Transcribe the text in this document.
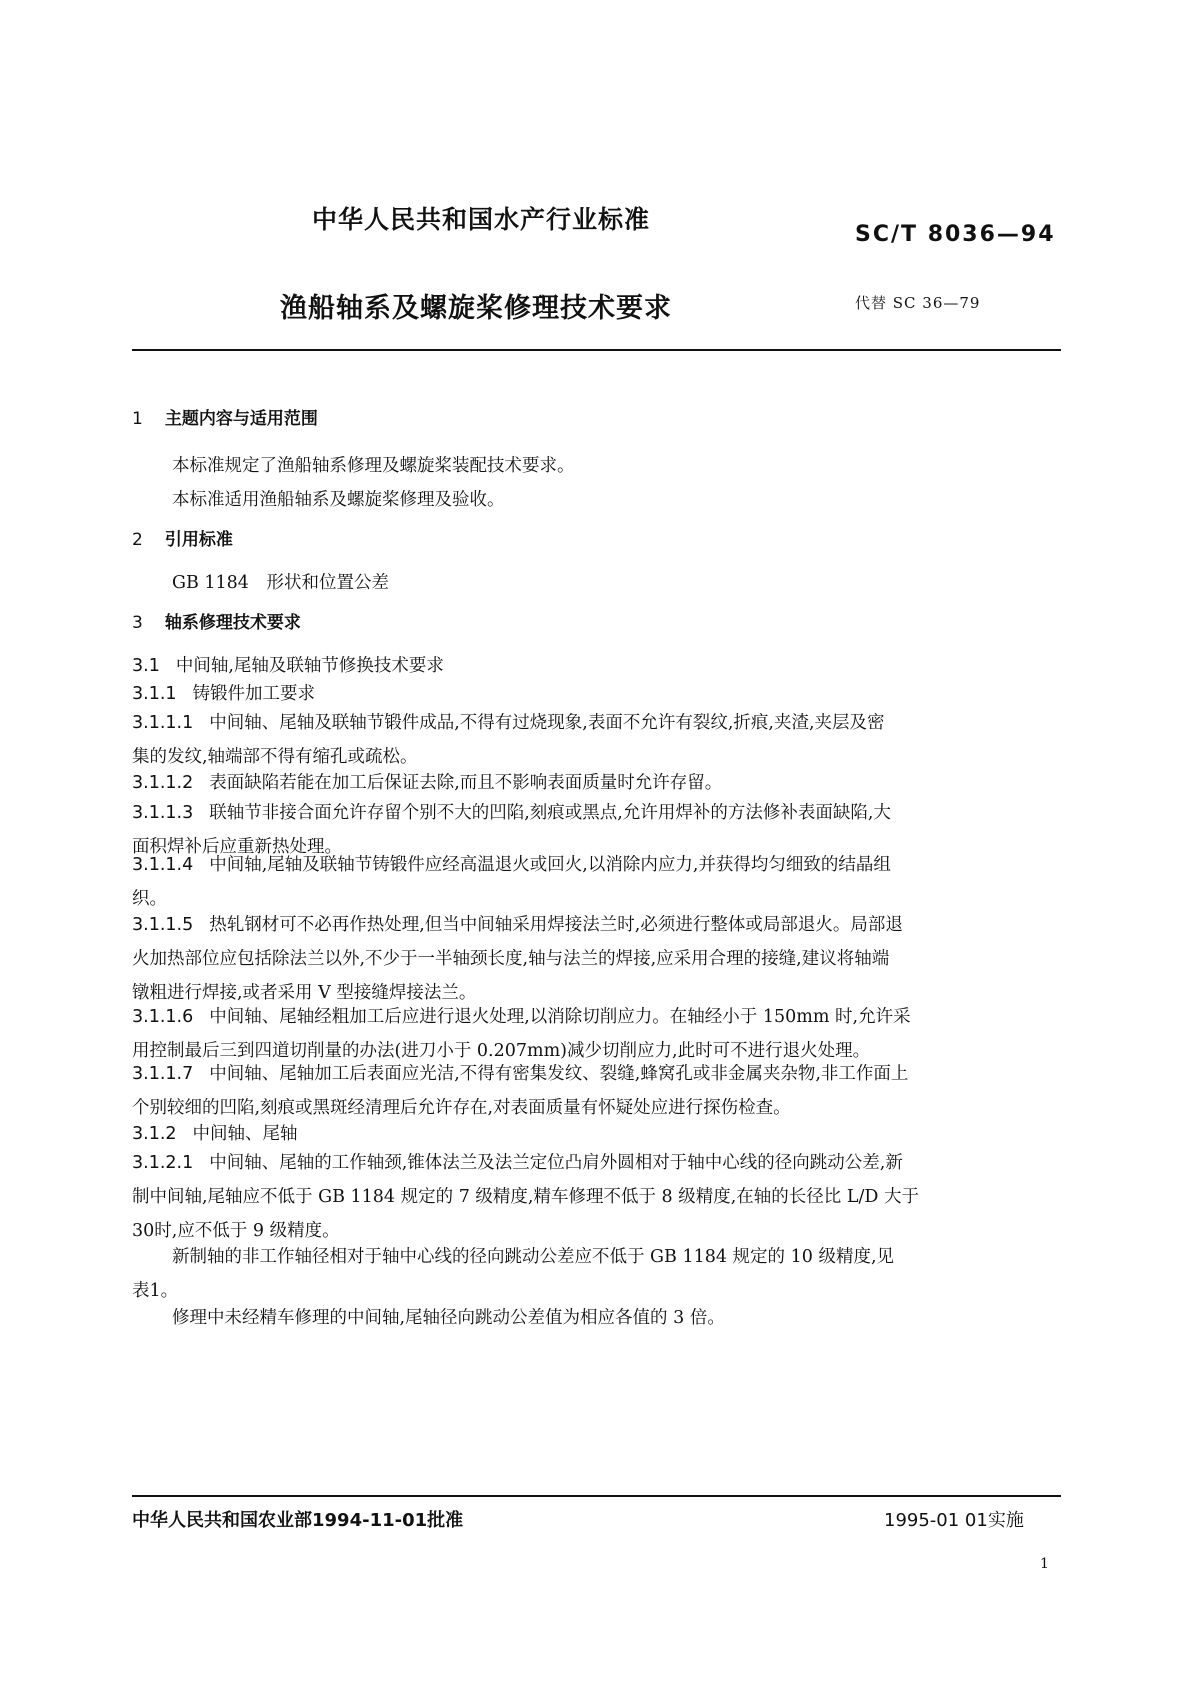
中华人民共和国水产行业标准
SC/T 8036—94
渔船轴系及螺旋桨修理技术要求	代替 SC 36—79
1 主题内容与适用范围
本标准规定了渔船轴系修理及螺旋桨装配技术要求。
本标准适用渔船轴系及螺旋桨修理及验收。
2 引用标准
GB 1184　形状和位置公差
3 轴系修理技术要求
3.1 中间轴,尾轴及联轴节修换技术要求
3.1.1 铸锻件加工要求
3.1.1.1 中间轴、尾轴及联轴节锻件成品,不得有过烧现象,表面不允许有裂纹,折痕,夹渣,夹层及密
集的发纹,轴端部不得有缩孔或疏松。
3.1.1.2 表面缺陷若能在加工后保证去除,而且不影响表面质量时允许存留。
3.1.1.3 联轴节非接合面允许存留个别不大的凹陷,刻痕或黑点,允许用焊补的方法修补表面缺陷,大
面积焊补后应重新热处理。
3.1.1.4 中间轴,尾轴及联轴节铸锻件应经高温退火或回火,以消除内应力,并获得均匀细致的结晶组
织。
3.1.1.5 热轧钢材可不必再作热处理,但当中间轴采用焊接法兰时,必须进行整体或局部退火。局部退
火加热部位应包括除法兰以外,不少于一半轴颈长度,轴与法兰的焊接,应采用合理的接缝,建议将轴端
镦粗进行焊接,或者采用 V 型接缝焊接法兰。
3.1.1.6 中间轴、尾轴经粗加工后应进行退火处理,以消除切削应力。在轴经小于 150mm 时,允许采
用控制最后三到四道切削量的办法(进刀小于 0.207mm)减少切削应力,此时可不进行退火处理。
3.1.1.7 中间轴、尾轴加工后表面应光洁,不得有密集发纹、裂缝,蜂窝孔或非金属夹杂物,非工作面上
个别较细的凹陷,刻痕或黑斑经清理后允许存在,对表面质量有怀疑处应进行探伤检查。
3.1.2 中间轴、尾轴
3.1.2.1 中间轴、尾轴的工作轴颈,锥体法兰及法兰定位凸肩外圆相对于轴中心线的径向跳动公差,新
制中间轴,尾轴应不低于 GB 1184 规定的 7 级精度,精车修理不低于 8 级精度,在轴的长径比 L/D 大于
30时,应不低于 9 级精度。
新制轴的非工作轴径相对于轴中心线的径向跳动公差应不低于 GB 1184 规定的 10 级精度,见
表1。
修理中未经精车修理的中间轴,尾轴径向跳动公差值为相应各值的 3 倍。
中华人民共和国农业部1994-11-01批准	1995-01 01实施
1
